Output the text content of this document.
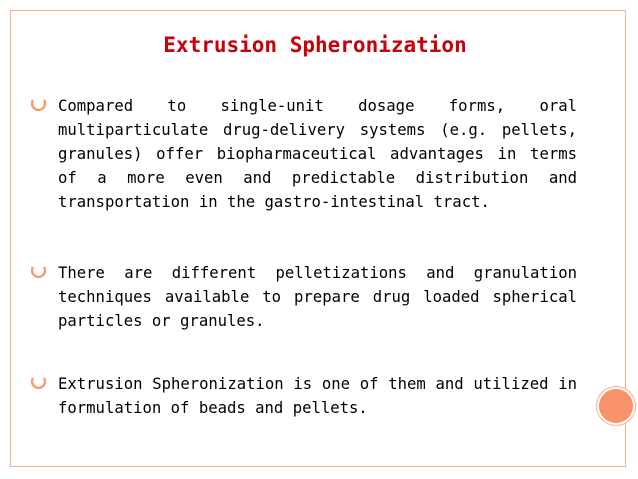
Extrusion Spheronization

Compared to single-unit dosage forms, oral multiparticulate drug-delivery systems (e.g. pellets, granules) offer biopharmaceutical advantages in terms of a more even and predictable distribution and transportation in the gastro-intestinal tract.

There are different pelletizations and granulation techniques available to prepare drug loaded spherical particles or granules.

Extrusion Spheronization is one of them and utilized in formulation of beads and pellets.
